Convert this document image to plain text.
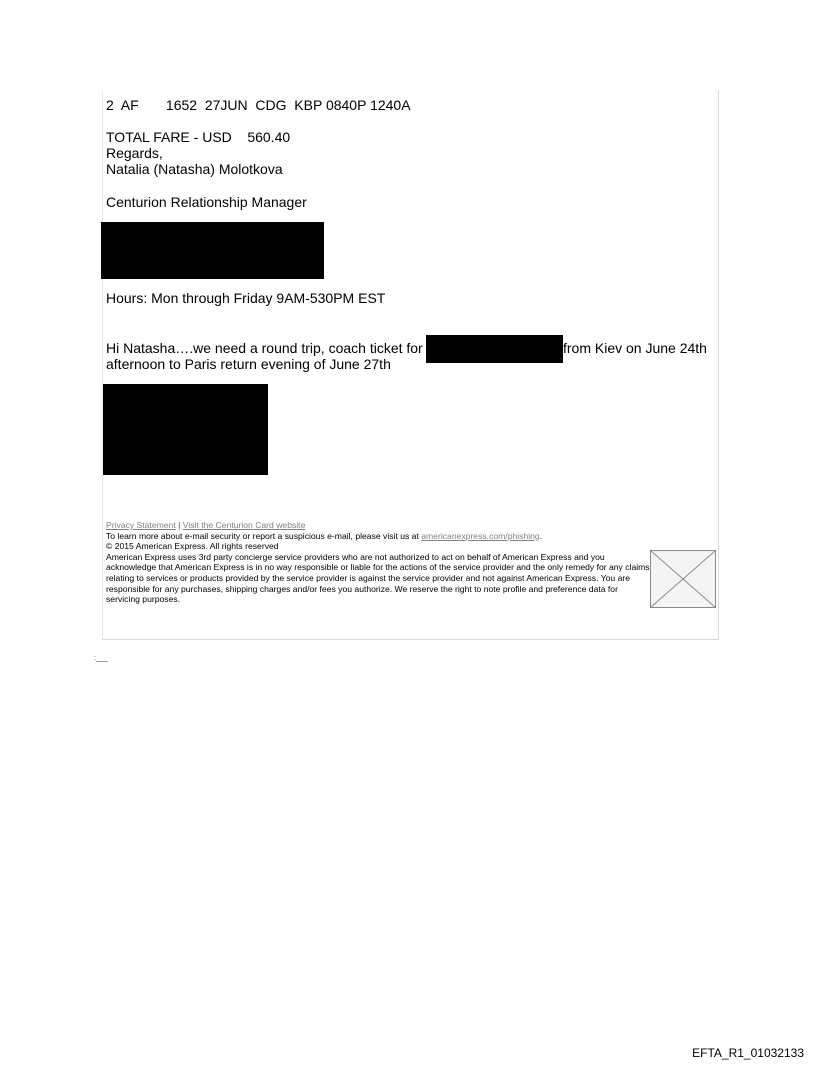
2  AF       1652  27JUN  CDG  KBP 0840P 1240A
TOTAL FARE - USD    560.40
Regards,
Natalia (Natasha) Molotkova
Centurion Relationship Manager
Hours: Mon through Friday 9AM-530PM EST
Hi Natasha….we need a round trip, coach ticket for	from Kiev on June 24th
afternoon to Paris return evening of June 27th

Privacy Statement | Visit the Centurion Card website

To learn more about e-mail security or report a suspicious e-mail, please visit us at americanexpress.com/phishing.

© 2015 American Express. All rights reserved

American Express uses 3rd party concierge service providers who are not authorized to act on behalf of American Express and you acknowledge that American Express is in no way responsible or liable for the actions of the service provider and the only remedy for any claims relating to services or products provided by the service provider is against the service provider and not against American Express. You are responsible for any purchases, shipping charges and/or fees you authorize. We reserve the right to note profile and preference data for servicing purposes.

:___
EFTA_R1_01032133
